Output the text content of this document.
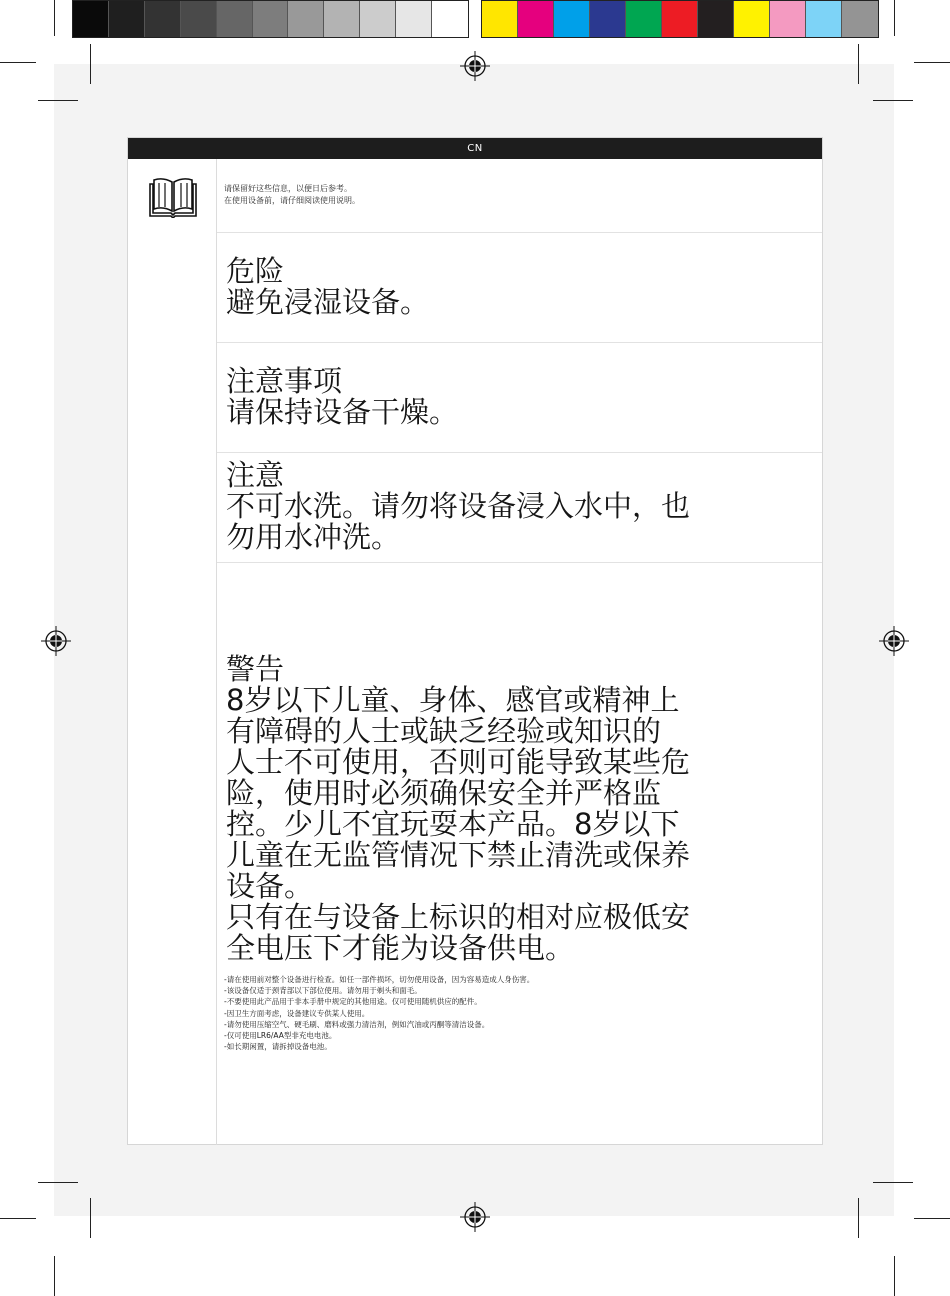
CN
请保留好这些信息，以便日后参考。
在使用设备前，请仔细阅读使用说明。
危险
避免浸湿设备。
注意事项
请保持设备干燥。
注意
不可水洗。请勿将设备浸入水中，也
勿用水冲洗。
警告
8岁以下儿童、身体、感官或精神上
有障碍的人士或缺乏经验或知识的
人士不可使用，否则可能导致某些危
险，使用时必须确保安全并严格监
控。少儿不宜玩耍本产品。8岁以下
儿童在无监管情况下禁止清洗或保养
设备。
只有在与设备上标识的相对应极低安
全电压下才能为设备供电。
-请在使用前对整个设备进行检查。如任一部件损坏，切勿使用设备，因为容易造成人身伤害。
-该设备仅适于颈背部以下部位使用。请勿用于剃头和面毛。
-不要使用此产品用于非本手册中规定的其他用途。仅可使用随机供应的配件。
-因卫生方面考虑，设备建议专供某人使用。
-请勿使用压缩空气、硬毛刷、磨料或强力清洁剂，例如汽油或丙酮等清洁设备。
-仅可使用LR6/AA型非充电电池。
-如长期闲置，请拆掉设备电池。
